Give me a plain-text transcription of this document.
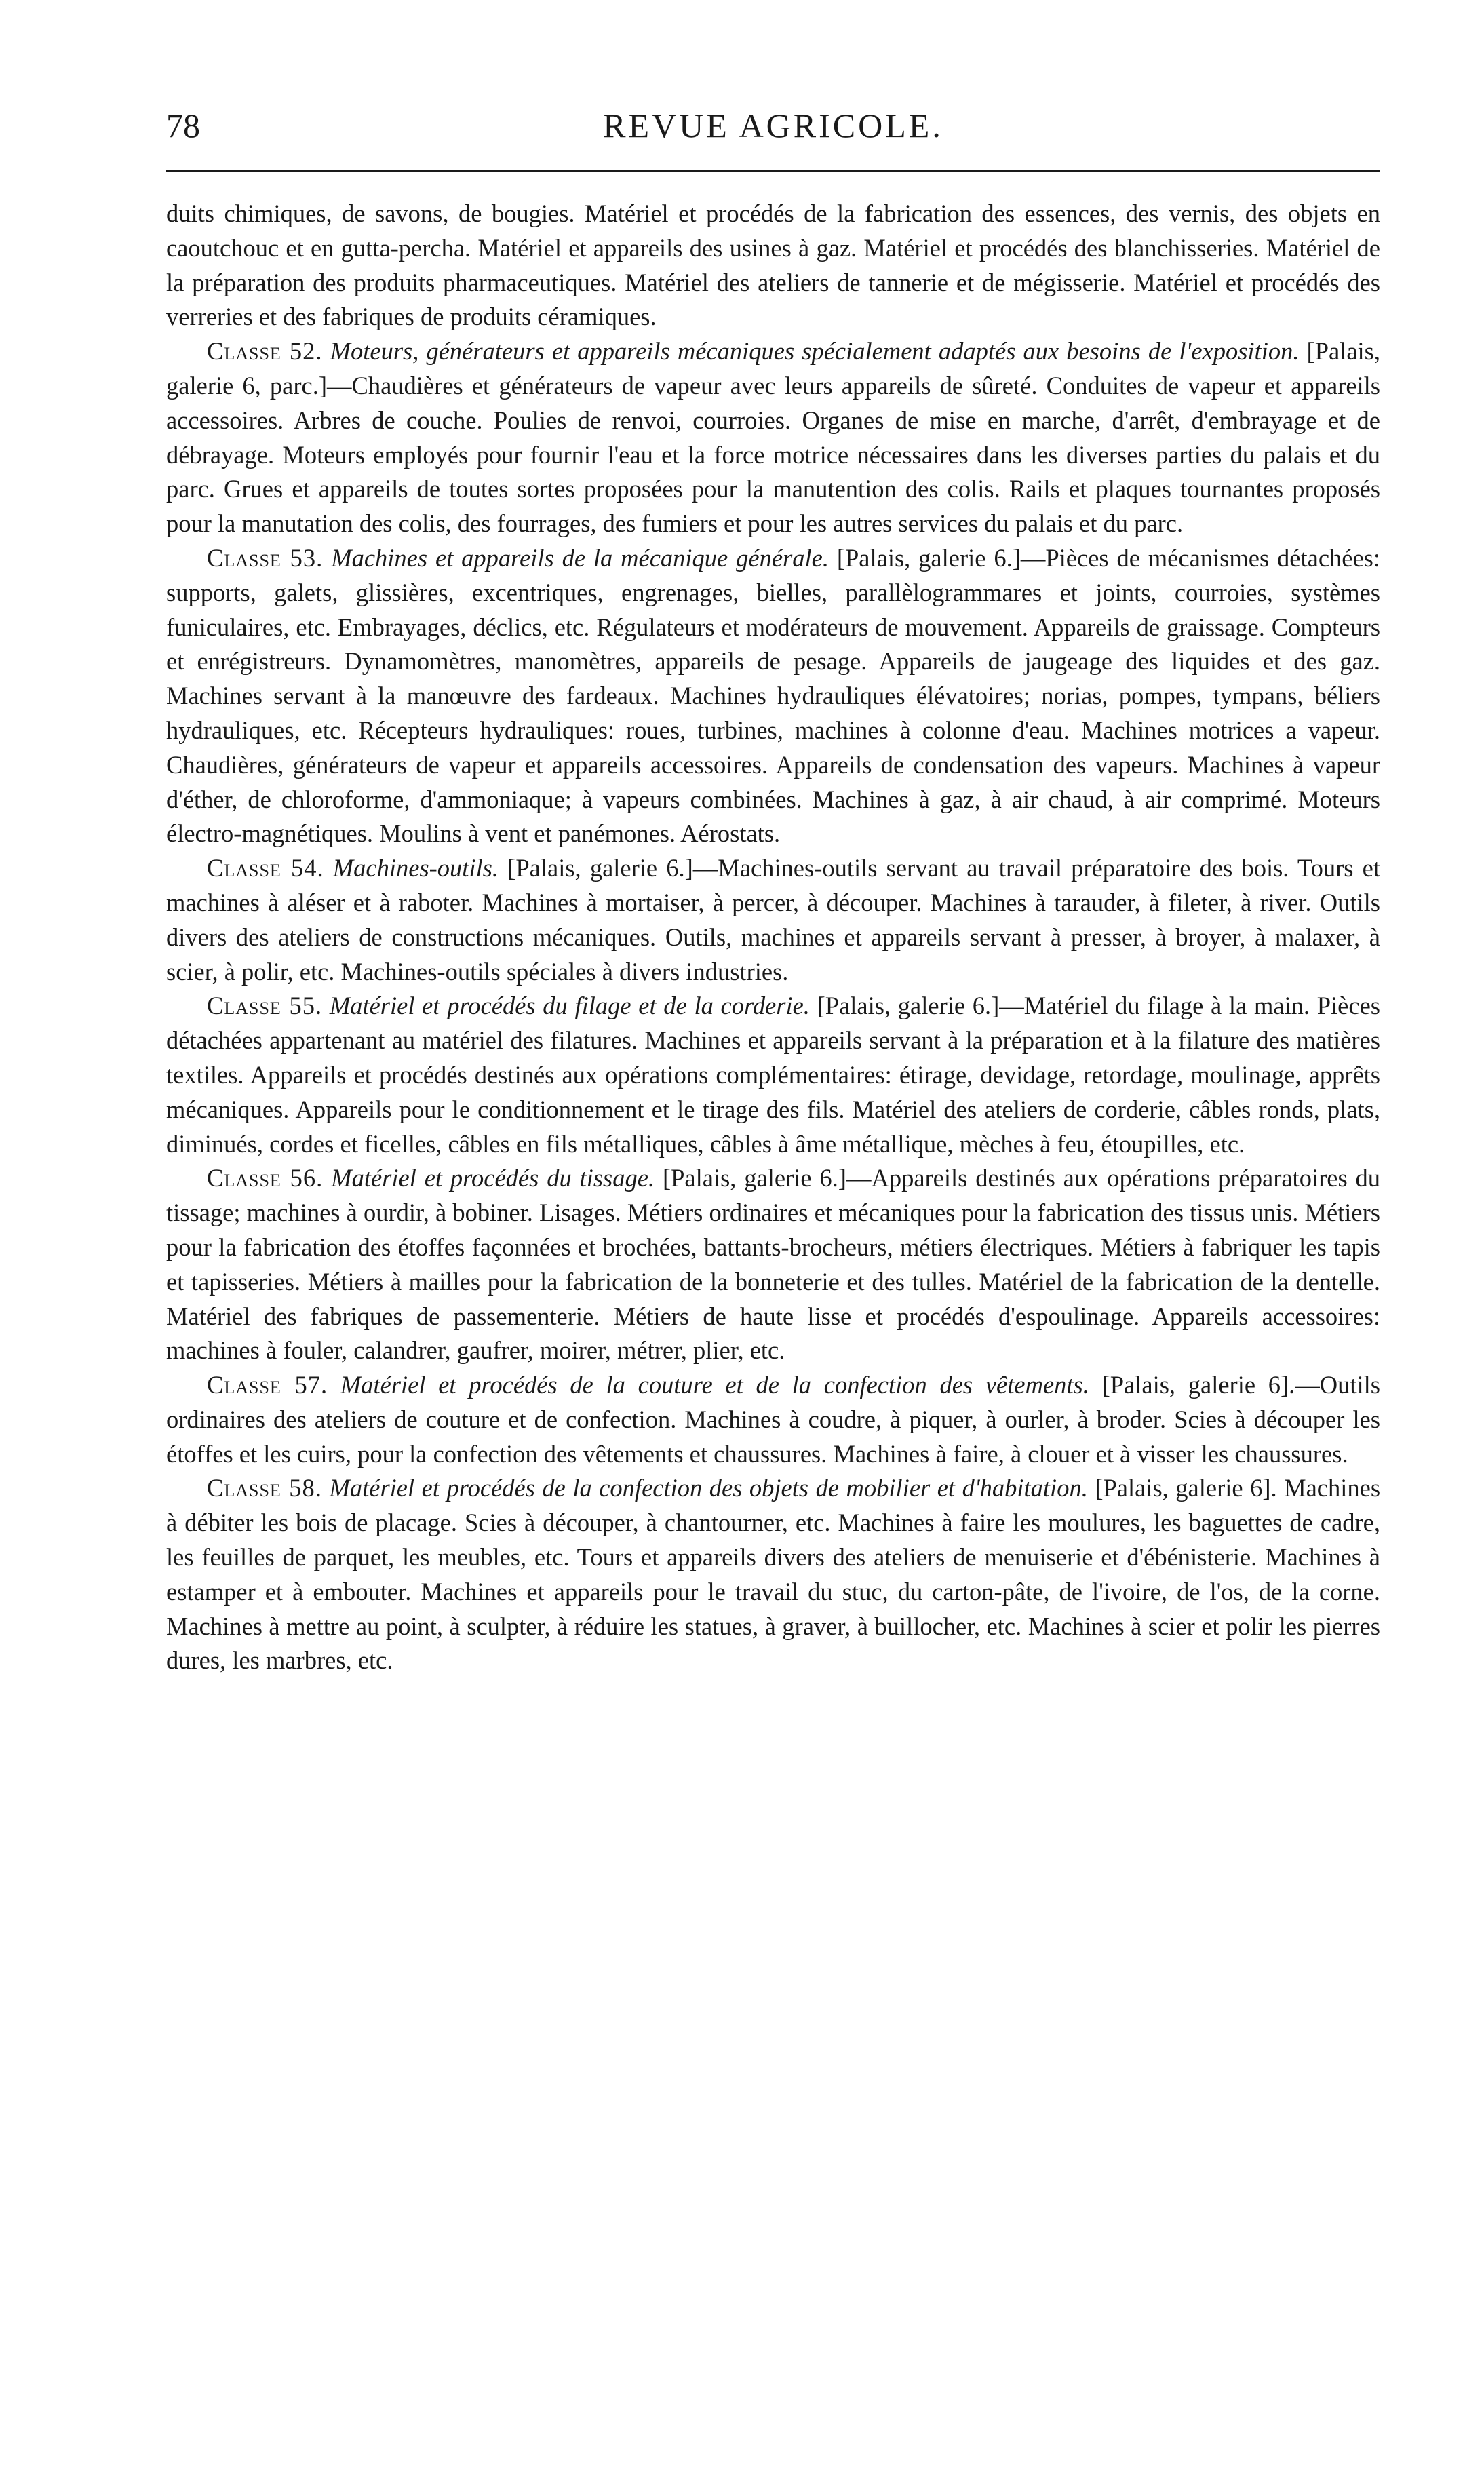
78	REVUE AGRICOLE.

duits chimiques, de savons, de bougies. Matériel et procédés de la fabrication des essences, des vernis, des objets en caoutchouc et en gutta-percha. Matériel et appareils des usines à gaz. Matériel et procédés des blanchisseries. Matériel de la préparation des produits pharmaceutiques. Matériel des ateliers de tannerie et de mégisserie. Matériel et procédés des verreries et des fabriques de produits céramiques.

Classe 52. Moteurs, générateurs et appareils mécaniques spécialement adaptés aux besoins de l'exposition. [Palais, galerie 6, parc.]—Chaudières et générateurs de vapeur avec leurs appareils de sûreté. Conduites de vapeur et appareils accessoires. Arbres de couche. Poulies de renvoi, courroies. Organes de mise en marche, d'arrêt, d'embrayage et de débrayage. Moteurs employés pour fournir l'eau et la force motrice nécessaires dans les diverses parties du palais et du parc. Grues et appareils de toutes sortes proposées pour la manutention des colis. Rails et plaques tournantes proposés pour la manutation des colis, des fourrages, des fumiers et pour les autres services du palais et du parc.

Classe 53. Machines et appareils de la mécanique générale. [Palais, galerie 6.]—Pièces de mécanismes détachées: supports, galets, glissières, excentriques, engrenages, bielles, parallèlogrammares et joints, courroies, systèmes funiculaires, etc. Embrayages, déclics, etc. Régulateurs et modérateurs de mouvement. Appareils de graissage. Compteurs et enrégistreurs. Dynamomètres, manomètres, appareils de pesage. Appareils de jaugeage des liquides et des gaz. Machines servant à la manœuvre des fardeaux. Machines hydrauliques élévatoires; norias, pompes, tympans, béliers hydrauliques, etc. Récepteurs hydrauliques: roues, turbines, machines à colonne d'eau. Machines motrices a vapeur. Chaudières, générateurs de vapeur et appareils accessoires. Appareils de condensation des vapeurs. Machines à vapeur d'éther, de chloroforme, d'ammoniaque; à vapeurs combinées. Machines à gaz, à air chaud, à air comprimé. Moteurs électro-magnétiques. Moulins à vent et panémones. Aérostats.

Classe 54. Machines-outils. [Palais, galerie 6.]—Machines-outils servant au travail préparatoire des bois. Tours et machines à aléser et à raboter. Machines à mortaiser, à percer, à découper. Machines à tarauder, à fileter, à river. Outils divers des ateliers de constructions mécaniques. Outils, machines et appareils servant à presser, à broyer, à malaxer, à scier, à polir, etc. Machines-outils spéciales à divers industries.

Classe 55. Matériel et procédés du filage et de la corderie. [Palais, galerie 6.]—Matériel du filage à la main. Pièces détachées appartenant au matériel des filatures. Machines et appareils servant à la préparation et à la filature des matières textiles. Appareils et procédés destinés aux opérations complémentaires: étirage, devidage, retordage, moulinage, apprêts mécaniques. Appareils pour le conditionnement et le tirage des fils. Matériel des ateliers de corderie, câbles ronds, plats, diminués, cordes et ficelles, câbles en fils métalliques, câbles à âme métallique, mèches à feu, étoupilles, etc.

Classe 56. Matériel et procédés du tissage. [Palais, galerie 6.]—Appareils destinés aux opérations préparatoires du tissage; machines à ourdir, à bobiner. Lisages. Métiers ordinaires et mécaniques pour la fabrication des tissus unis. Métiers pour la fabrication des étoffes façonnées et brochées, battants-brocheurs, métiers électriques. Métiers à fabriquer les tapis et tapisseries. Métiers à mailles pour la fabrication de la bonneterie et des tulles. Matériel de la fabrication de la dentelle. Matériel des fabriques de passementerie. Métiers de haute lisse et procédés d'espoulinage. Appareils accessoires: machines à fouler, calandrer, gaufrer, moirer, métrer, plier, etc.

Classe 57. Matériel et procédés de la couture et de la confection des vêtements. [Palais, galerie 6].—Outils ordinaires des ateliers de couture et de confection. Machines à coudre, à piquer, à ourler, à broder. Scies à découper les étoffes et les cuirs, pour la confection des vêtements et chaussures. Machines à faire, à clouer et à visser les chaussures.

Classe 58. Matériel et procédés de la confection des objets de mobilier et d'habitation. [Palais, galerie 6]. Machines à débiter les bois de placage. Scies à découper, à chantourner, etc. Machines à faire les moulures, les baguettes de cadre, les feuilles de parquet, les meubles, etc. Tours et appareils divers des ateliers de menuiserie et d'ébénisterie. Machines à estamper et à embouter. Machines et appareils pour le travail du stuc, du carton-pâte, de l'ivoire, de l'os, de la corne. Machines à mettre au point, à sculpter, à réduire les statues, à graver, à buillocher, etc. Machines à scier et polir les pierres dures, les marbres, etc.
